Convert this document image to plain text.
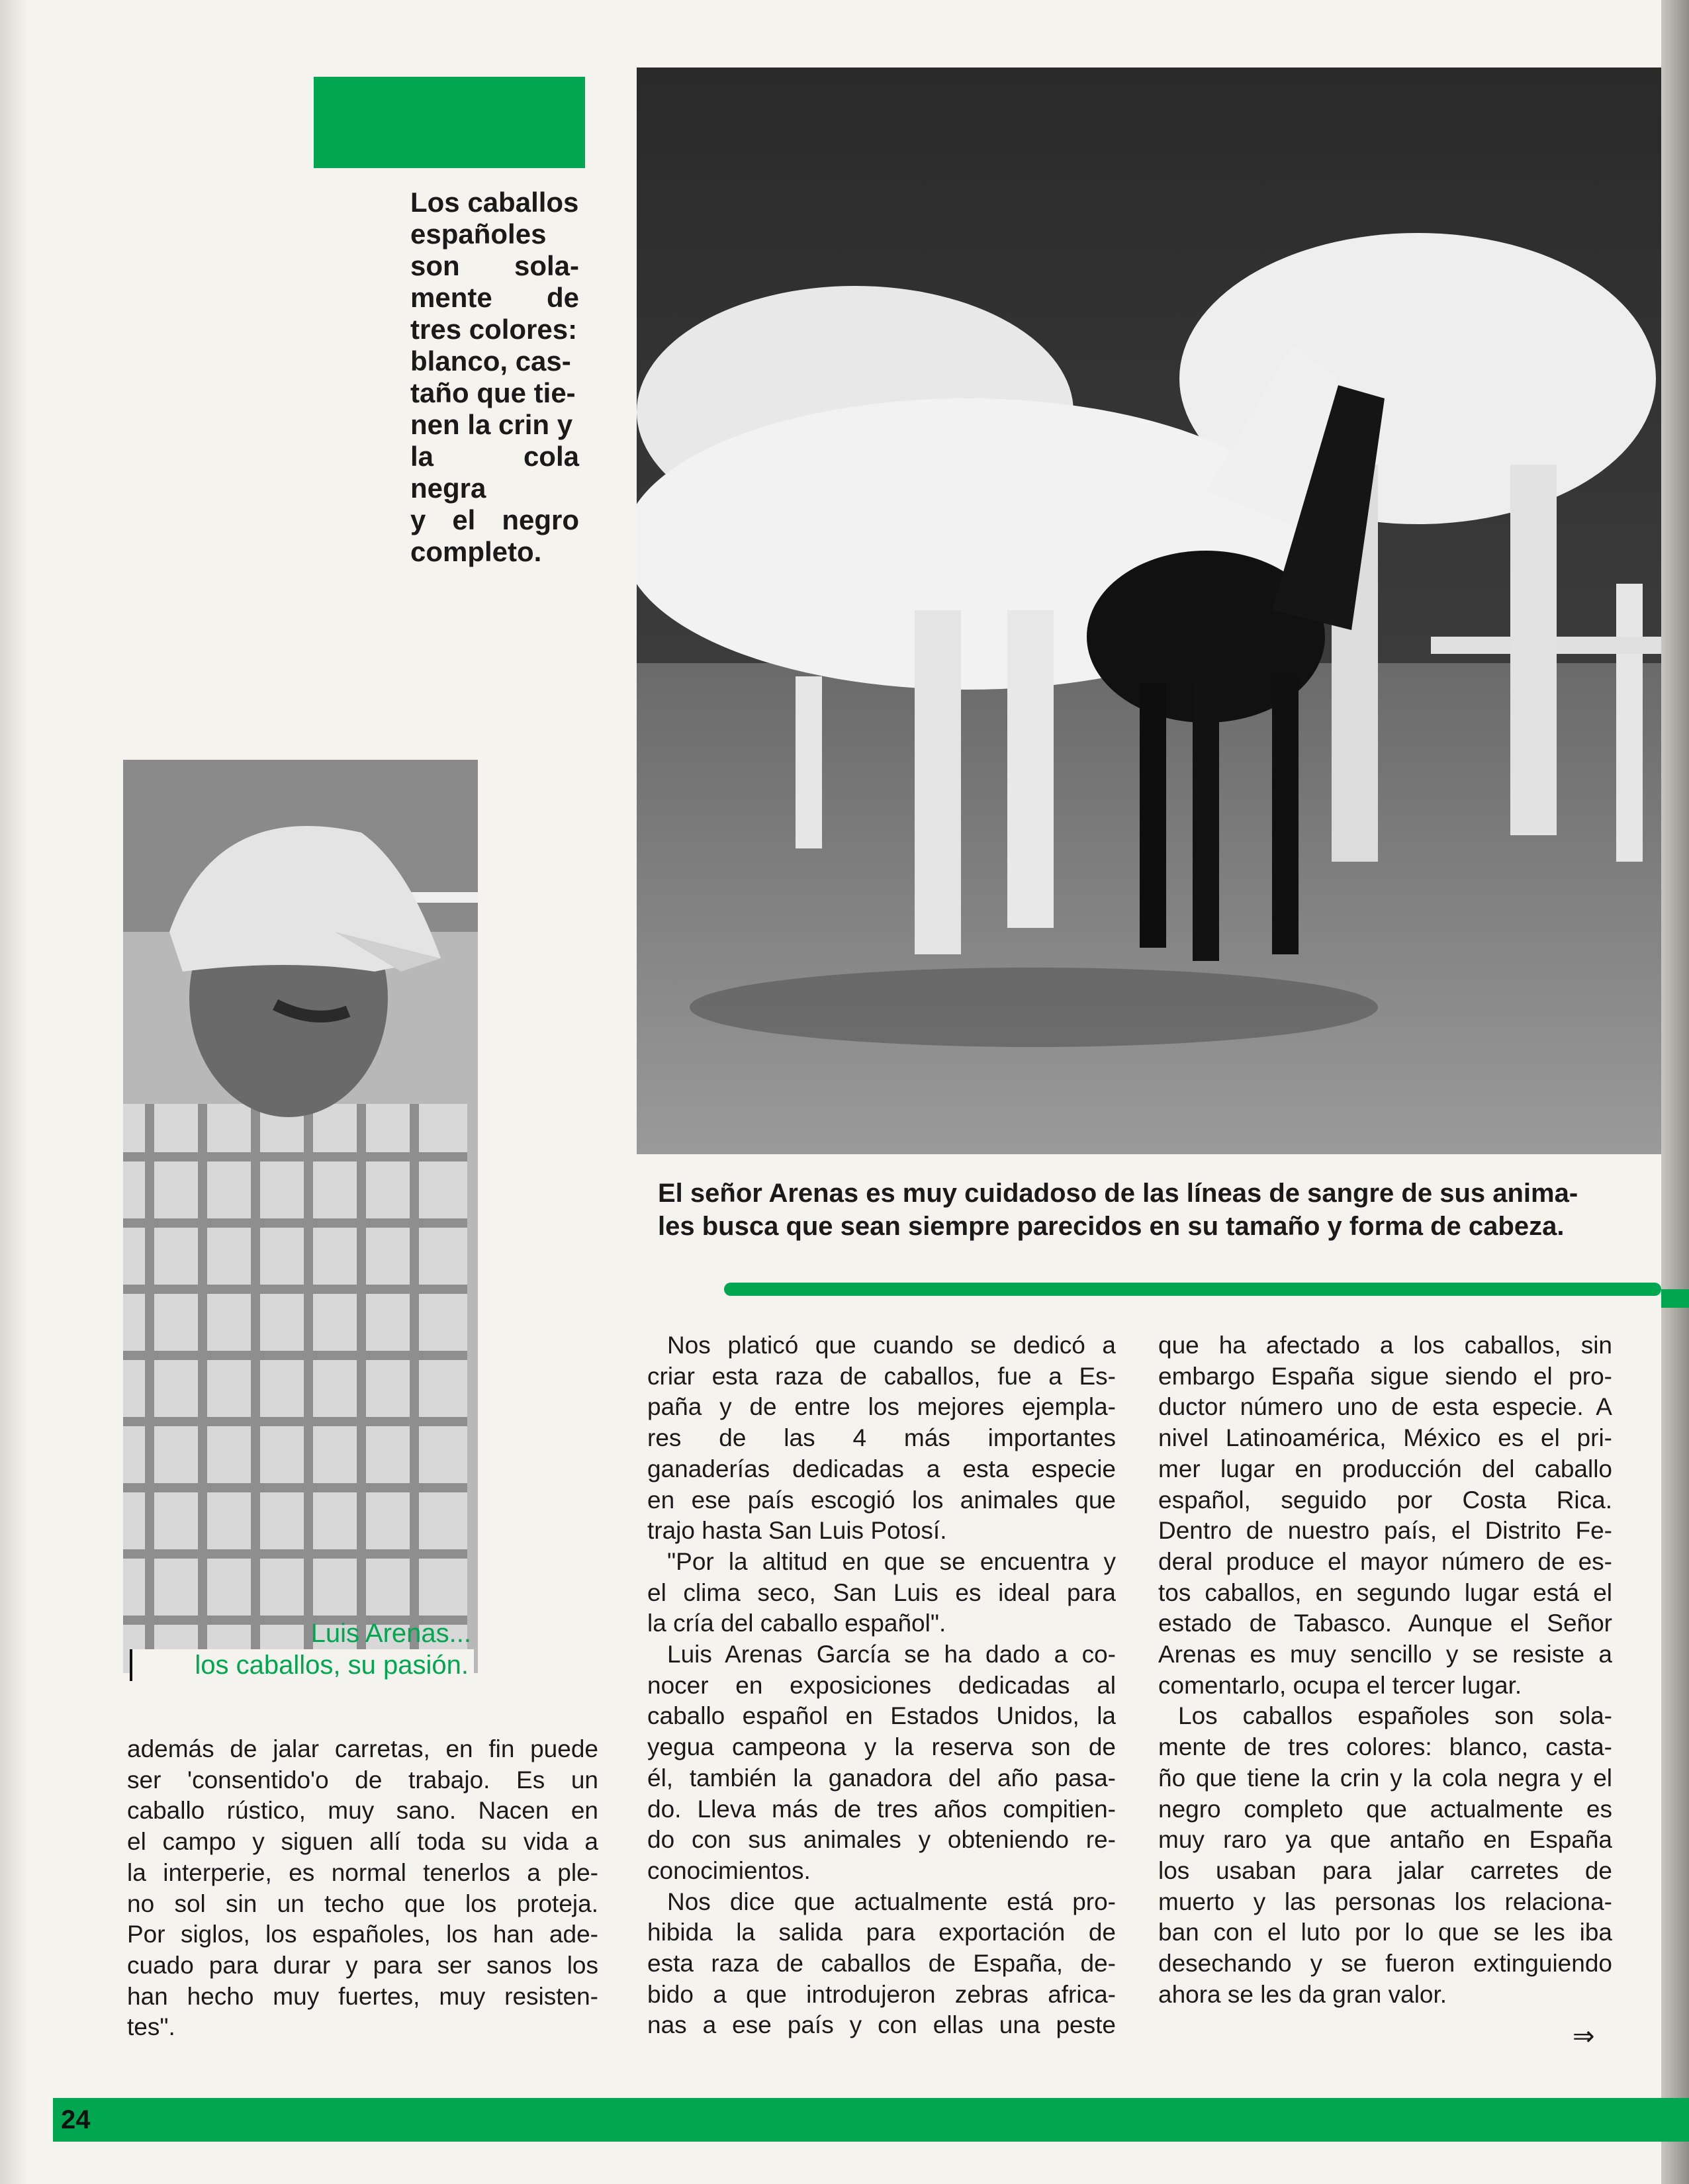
Los caballos
españoles
son sola-
mente de
tres colores:
blanco, cas-
taño que tie-
nen la crin y
la cola negra
y el negro
completo.
Luis Arenas...
los caballos, su pasión.
El señor Arenas es muy cuidadoso de las líneas de sangre de sus anima-
les busca que sean siempre parecidos en su tamaño y forma de cabeza.
Nos platicó que cuando se dedicó a
criar esta raza de caballos, fue a Es-
paña y de entre los mejores ejempla-
res de las 4 más importantes
ganaderías dedicadas a esta especie
en ese país escogió los animales que
trajo hasta San Luis Potosí.
"Por la altitud en que se encuentra y
el clima seco, San Luis es ideal para
la cría del caballo español".
Luis Arenas García se ha dado a co-
nocer en exposiciones dedicadas al
caballo español en Estados Unidos, la
yegua campeona y la reserva son de
él, también la ganadora del año pasa-
do. Lleva más de tres años compitien-
do con sus animales y obteniendo re-
conocimientos.
Nos dice que actualmente está pro-
hibida la salida para exportación de
esta raza de caballos de España, de-
bido a que introdujeron zebras africa-
nas a ese país y con ellas una peste
que ha afectado a los caballos, sin
embargo España sigue siendo el pro-
ductor número uno de esta especie. A
nivel Latinoamérica, México es el pri-
mer lugar en producción del caballo
español, seguido por Costa Rica.
Dentro de nuestro país, el Distrito Fe-
deral produce el mayor número de es-
tos caballos, en segundo lugar está el
estado de Tabasco. Aunque el Señor
Arenas es muy sencillo y se resiste a
comentarlo, ocupa el tercer lugar.
Los caballos españoles son sola-
mente de tres colores: blanco, casta-
ño que tiene la crin y la cola negra y el
negro completo que actualmente es
muy raro ya que antaño en España
los usaban para jalar carretes de
muerto y las personas los relaciona-
ban con el luto por lo que se les iba
desechando y se fueron extinguiendo
ahora se les da gran valor.
además de jalar carretas, en fin puede
ser 'consentido'o de trabajo. Es un
caballo rústico, muy sano. Nacen en
el campo y siguen allí toda su vida a
la interperie, es normal tenerlos a ple-
no sol sin un techo que los proteja.
Por siglos, los españoles, los han ade-
cuado para durar y para ser sanos los
han hecho muy fuertes, muy resisten-
tes".	⇒
24
